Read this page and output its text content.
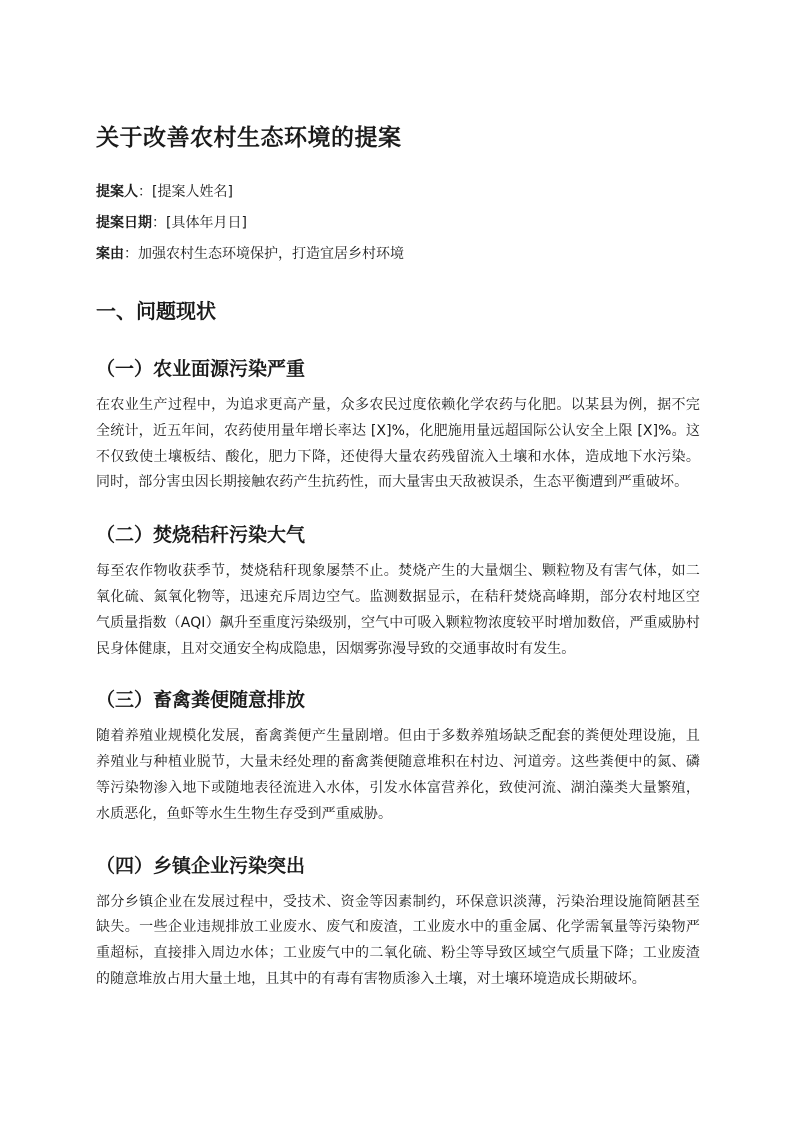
关于改善农村生态环境的提案
提案人：[提案人姓名]
提案日期：[具体年月日]
案由：加强农村生态环境保护，打造宜居乡村环境
一、问题现状
（一）农业面源污染严重

在农业生产过程中，为追求更高产量，众多农民过度依赖化学农药与化肥。以某县为例，据不完全统计，近五年间，农药使用量年增长率达 [X]%，化肥施用量远超国际公认安全上限 [X]%。这不仅致使土壤板结、酸化，肥力下降，还使得大量农药残留流入土壤和水体，造成地下水污染。同时，部分害虫因长期接触农药产生抗药性，而大量害虫天敌被误杀，生态平衡遭到严重破坏。

（二）焚烧秸秆污染大气

每至农作物收获季节，焚烧秸秆现象屡禁不止。焚烧产生的大量烟尘、颗粒物及有害气体，如二氧化硫、氮氧化物等，迅速充斥周边空气。监测数据显示，在秸秆焚烧高峰期，部分农村地区空气质量指数（AQI）飙升至重度污染级别，空气中可吸入颗粒物浓度较平时增加数倍，严重威胁村民身体健康，且对交通安全构成隐患，因烟雾弥漫导致的交通事故时有发生。

（三）畜禽粪便随意排放

随着养殖业规模化发展，畜禽粪便产生量剧增。但由于多数养殖场缺乏配套的粪便处理设施，且养殖业与种植业脱节，大量未经处理的畜禽粪便随意堆积在村边、河道旁。这些粪便中的氮、磷等污染物渗入地下或随地表径流进入水体，引发水体富营养化，致使河流、湖泊藻类大量繁殖，水质恶化，鱼虾等水生生物生存受到严重威胁。

（四）乡镇企业污染突出

部分乡镇企业在发展过程中，受技术、资金等因素制约，环保意识淡薄，污染治理设施简陋甚至缺失。一些企业违规排放工业废水、废气和废渣，工业废水中的重金属、化学需氧量等污染物严重超标，直接排入周边水体；工业废气中的二氧化硫、粉尘等导致区域空气质量下降；工业废渣的随意堆放占用大量土地，且其中的有毒有害物质渗入土壤，对土壤环境造成长期破坏。
